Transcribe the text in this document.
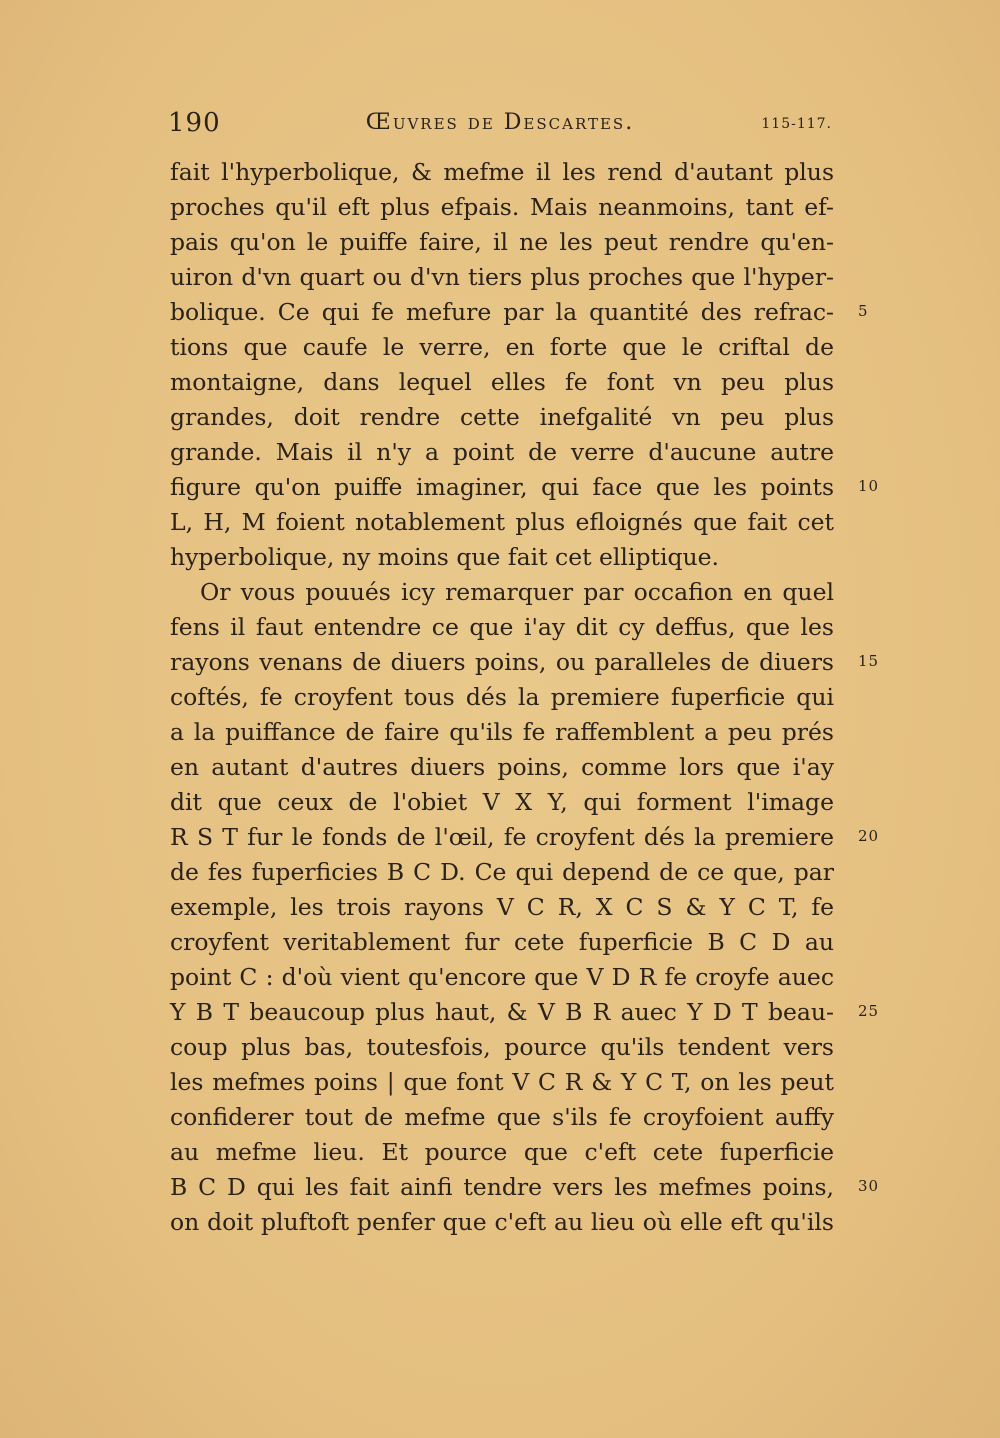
190	Œuvres de Descartes.	115-117.
fait l'hyperbolique, & mefme il les rend d'autant plus
proches qu'il eft plus efpais. Mais neanmoins, tant ef-
pais qu'on le puiffe faire, il ne les peut rendre qu'en-
uiron d'vn quart ou d'vn tiers plus proches que l'hyper-
bolique. Ce qui fe mefure par la quantité des refrac-
tions que caufe le verre, en forte que le criftal de
montaigne, dans lequel elles fe font vn peu plus
grandes, doit rendre cette inefgalité vn peu plus
grande. Mais il n'y a point de verre d'aucune autre
figure qu'on puiffe imaginer, qui face que les points
L, H, M foient notablement plus efloignés que fait cet
hyperbolique, ny moins que fait cet elliptique.
Or vous pouués icy remarquer par occafion en quel
fens il faut entendre ce que i'ay dit cy deffus, que les
rayons venans de diuers poins, ou paralleles de diuers
coftés, fe croyfent tous dés la premiere fuperficie qui
a la puiffance de faire qu'ils fe raffemblent a peu prés
en autant d'autres diuers poins, comme lors que i'ay
dit que ceux de l'obiet V X Y, qui forment l'image
R S T fur le fonds de l'œil, fe croyfent dés la premiere
de fes fuperficies B C D. Ce qui depend de ce que, par
exemple, les trois rayons V C R, X C S & Y C T, fe
croyfent veritablement fur cete fuperficie B C D au
point C : d'où vient qu'encore que V D R fe croyfe auec
Y B T beaucoup plus haut, & V B R auec Y D T beau-
coup plus bas, toutesfois, pource qu'ils tendent vers
les mefmes poins | que font V C R & Y C T, on les peut
confiderer tout de mefme que s'ils fe croyfoient auffy
au mefme lieu. Et pource que c'eft cete fuperficie
B C D qui les fait ainfi tendre vers les mefmes poins,
on doit pluftoft penfer que c'eft au lieu où elle eft qu'ils
5
10
15
20
25
30
